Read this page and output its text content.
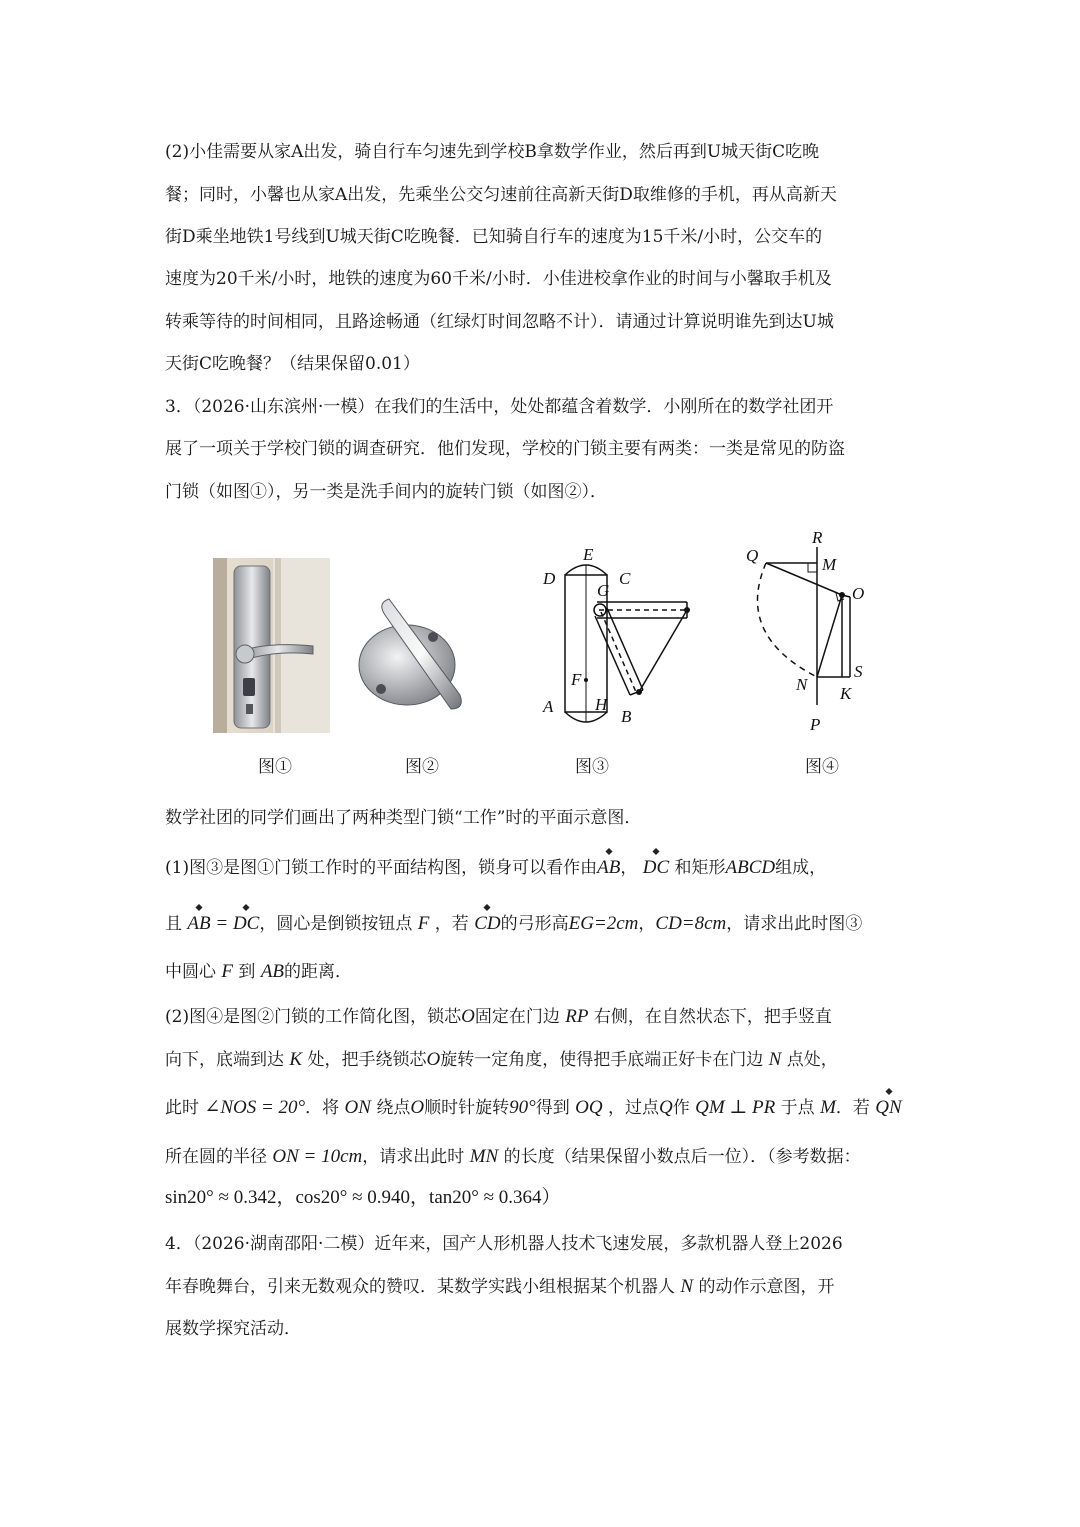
(2)小佳需要从家A出发，骑自行车匀速先到学校B拿数学作业，然后再到U城天街C吃晚
餐；同时，小馨也从家A出发，先乘坐公交匀速前往高新天街D取维修的手机，再从高新天
街D乘坐地铁1号线到U城天街C吃晚餐．已知骑自行车的速度为15千米/小时，公交车的
速度为20千米/小时，地铁的速度为60千米/小时．小佳进校拿作业的时间与小馨取手机及
转乘等待的时间相同，且路途畅通（红绿灯时间忽略不计）．请通过计算说明谁先到达U城
天街C吃晚餐？（结果保留0.01）
3．（2026·山东滨州·一模）在我们的生活中，处处都蕴含着数学．小刚所在的数学社团开
展了一项关于学校门锁的调查研究．他们发现，学校的门锁主要有两类：一类是常见的防盗
门锁（如图①），另一类是洗手间内的旋转门锁（如图②）．
E
D	C
G
F
A H
B
R
Q	M
O
S
N K
P
图①	图②	图③	图④
数学社团的同学们画出了两种类型门锁“工作”时的平面示意图．
(1)图③是图①门锁工作时的平面结构图，锁身可以看作由AB， DC 和矩形ABCD组成，
且 AB = DC，圆心是倒锁按钮点 F ，若 CD的弓形高EG=2cm，CD=8cm，请求出此时图③
中圆心 F 到 AB的距离．
(2)图④是图②门锁的工作简化图，锁芯O固定在门边 RP 右侧，在自然状态下，把手竖直
向下，底端到达 K 处，把手绕锁芯O旋转一定角度，使得把手底端正好卡在门边 N 点处，
此时 ∠NOS = 20°．将 ON 绕点O顺时针旋转90°得到 OQ ，过点Q作 QM ⊥ PR 于点 M．若 QN
所在圆的半径 ON = 10cm，请求出此时 MN 的长度（结果保留小数点后一位）．（参考数据：
sin20° ≈ 0.342，cos20° ≈ 0.940，tan20° ≈ 0.364）
4．（2026·湖南邵阳·二模）近年来，国产人形机器人技术飞速发展，多款机器人登上2026
年春晚舞台，引来无数观众的赞叹．某数学实践小组根据某个机器人 N 的动作示意图，开
展数学探究活动．
